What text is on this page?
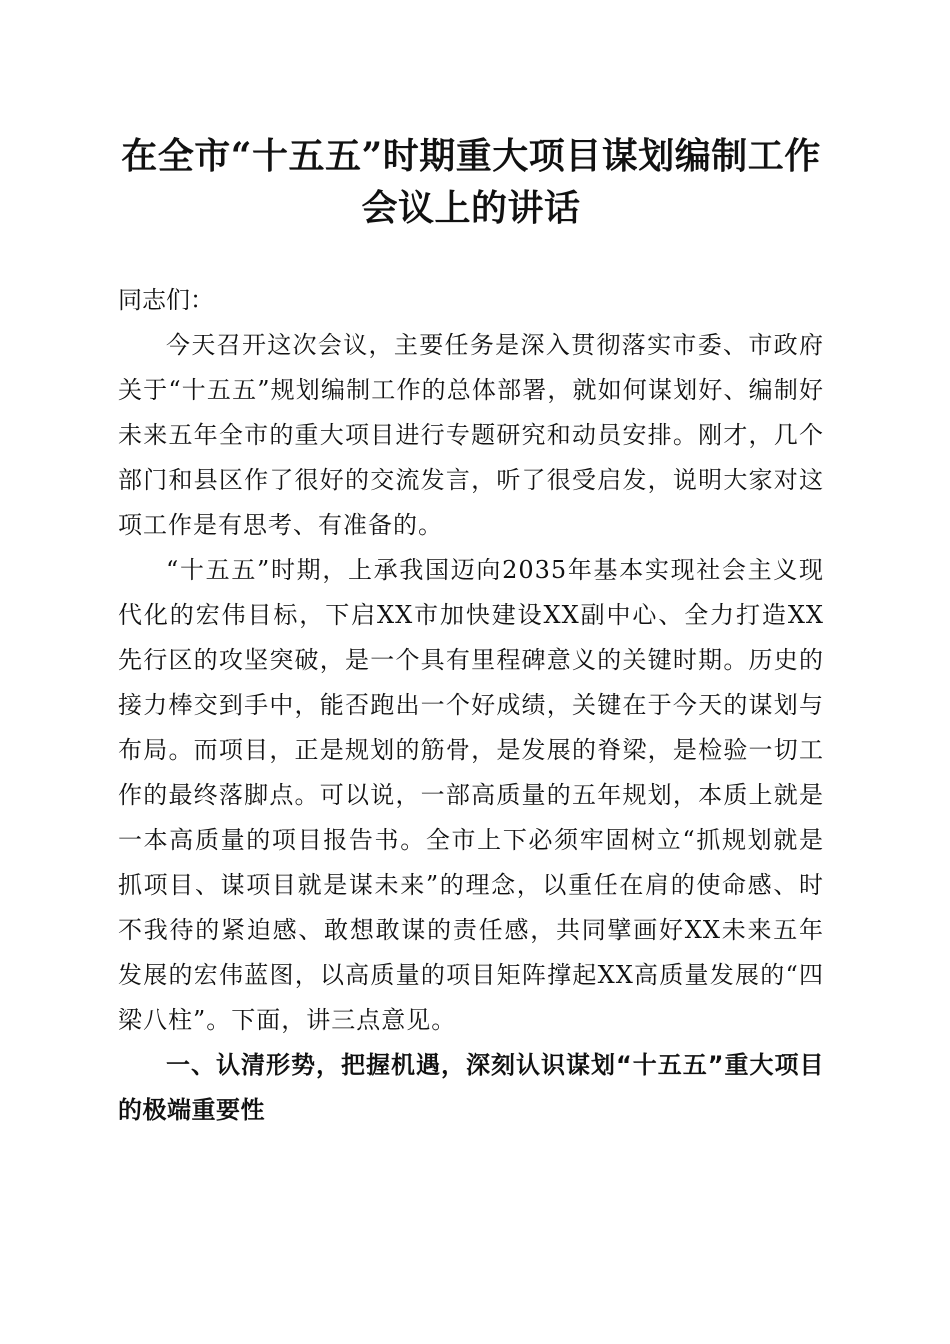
在全市“十五五”时期重大项目谋划编制工作
会议上的讲话

同志们：

今天召开这次会议，主要任务是深入贯彻落实市委、市政府关于“十五五”规划编制工作的总体部署，就如何谋划好、编制好未来五年全市的重大项目进行专题研究和动员安排。刚才，几个部门和县区作了很好的交流发言，听了很受启发，说明大家对这项工作是有思考、有准备的。

“十五五”时期，上承我国迈向2035年基本实现社会主义现代化的宏伟目标，下启XX市加快建设XX副中心、全力打造XX先行区的攻坚突破，是一个具有里程碑意义的关键时期。历史的接力棒交到手中，能否跑出一个好成绩，关键在于今天的谋划与布局。而项目，正是规划的筋骨，是发展的脊梁，是检验一切工作的最终落脚点。可以说，一部高质量的五年规划，本质上就是一本高质量的项目报告书。全市上下必须牢固树立“抓规划就是抓项目、谋项目就是谋未来”的理念，以重任在肩的使命感、时不我待的紧迫感、敢想敢谋的责任感，共同擘画好XX未来五年发展的宏伟蓝图，以高质量的项目矩阵撑起XX高质量发展的“四梁八柱”。下面，讲三点意见。

一、认清形势，把握机遇，深刻认识谋划“十五五”重大项目的极端重要性
